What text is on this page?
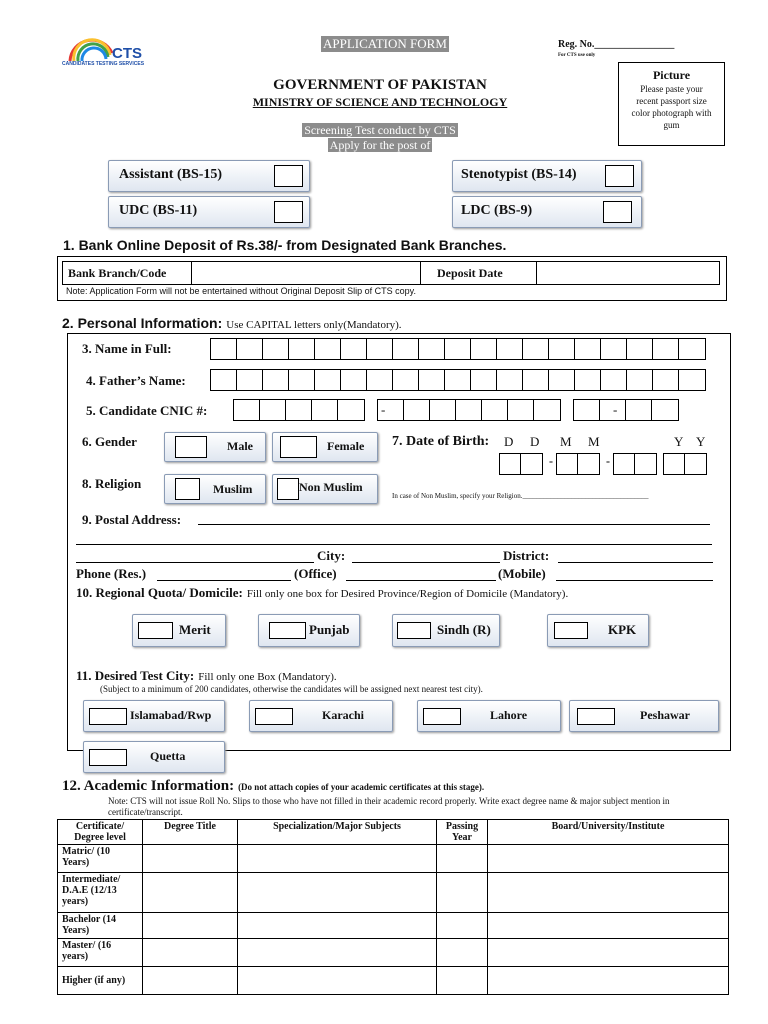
CTS
CANDIDATES TESTING SERVICES
APPLICATION FORM	Reg. No.________________
For CTS use only
GOVERNMENT OF PAKISTAN
MINISTRY OF SCIENCE AND TECHNOLOGY
Screening Test conduct by CTS
Apply for the post of
Picture
Please paste your recent passport size color photograph with gum
Assistant (BS-15)	Stenotypist (BS-14)
UDC (BS-11)	LDC (BS-9)
1. Bank Online Deposit of Rs.38/- from Designated Bank Branches.
Bank Branch/Code	Deposit Date
Note: Application Form will not be entertained without Original Deposit Slip of CTS copy.
2. Personal Information: Use CAPITAL letters only(Mandatory).
3. Name in Full:
4. Father’s Name:
5. Candidate CNIC #:	-	-
6. Gender	Male	Female 7. Date of Birth: D D M M	Y Y
-	-
8. Religion	Muslim	Non Muslim
In case of Non Muslim, specify your Religion.____________________________________
9. Postal Address:
City:	District:
Phone (Res.)	(Office)	(Mobile)
10. Regional Quota/ Domicile: Fill only one box for Desired Province/Region of Domicile (Mandatory).
Merit	Punjab	Sindh (R)	KPK
11. Desired Test City: Fill only one Box (Mandatory).
(Subject to a minimum of 200 candidates, otherwise the candidates will be assigned next nearest test city).
Islamabad/Rwp	Karachi	Lahore	Peshawar
Quetta
12. Academic Information: (Do not attach copies of your academic certificates at this stage).
Note: CTS will not issue Roll No. Slips to those who have not filled in their academic record properly. Write exact degree name & major subject mention in certificate/transcript.
Certificate/ Degree level	Degree Title	Specialization/Major Subjects	Passing Year	Board/University/Institute
Matric/ (10 Years)				
Intermediate/ D.A.E (12/13 years)				
Bachelor (14 Years)				
Master/ (16 years)				
Higher (if any)				
